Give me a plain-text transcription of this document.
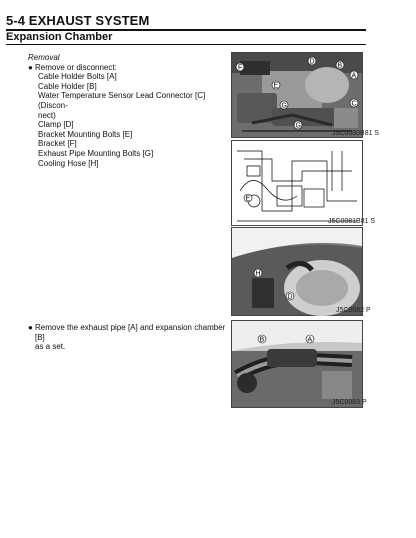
5-4 EXHAUST SYSTEM
Expansion Chamber
Removal
● Remove or disconnect:
Cable Holder Bolts [A]
Cable Holder [B]
Water Temperature Sensor Lead Connector [C] (Discon-
nect)
Clamp [D]
Bracket Mounting Bolts [E]
Bracket [F]
Exhaust Pipe Mounting Bolts [G]
Cooling Hose [H]
● Remove the exhaust pipe [A] and expansion chamber [B]
as a set.
F
D
B
A
C
E
G
G
J5C0080B81 S
E
J5C0081B81 S
H
D
J5C0082 P
B	A
J5C0083 P
